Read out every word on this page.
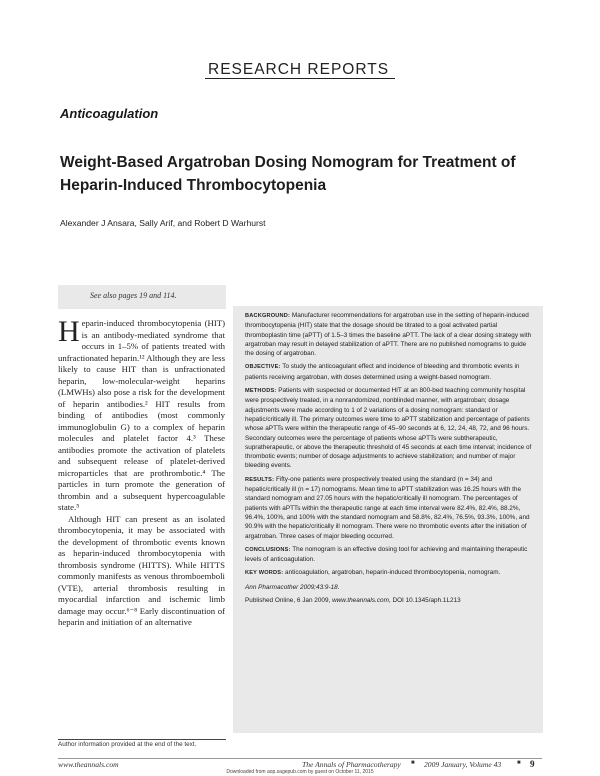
RESEARCH REPORTS
Anticoagulation
Weight-Based Argatroban Dosing Nomogram for Treatment of Heparin-Induced Thrombocytopenia
Alexander J Ansara, Sally Arif, and Robert D Warhurst
See also pages 19 and 114.

Heparin-induced thrombocytopenia (HIT) is an antibody-mediated syndrome that occurs in 1–5% of patients treated with unfractionated heparin.¹² Although they are less likely to cause HIT than is unfractionated heparin, low-molecular-weight heparins (LMWHs) also pose a risk for the development of heparin antibodies.² HIT results from binding of antibodies (most commonly immunoglobulin G) to a complex of heparin molecules and platelet factor 4.³ These antibodies promote the activation of platelets and subsequent release of platelet-derived microparticles that are prothrombotic.⁴ The particles in turn promote the generation of thrombin and a subsequent hypercoagulable state.⁵

Although HIT can present as an isolated thrombocytopenia, it may be associated with the development of thrombotic events known as heparin-induced thrombocytopenia with thrombosis syndrome (HITTS). While HITTS commonly manifests as venous thromboemboli (VTE), arterial thrombosis resulting in myocardial infarction and ischemic limb damage may occur.⁶⁻⁸ Early discontinuation of heparin and initiation of an alternative

BACKGROUND: Manufacturer recommendations for argatroban use in the setting of heparin-induced thrombocytopenia (HIT) state that the dosage should be titrated to a goal activated partial thromboplastin time (aPTT) of 1.5–3 times the baseline aPTT. The lack of a clear dosing strategy with argatroban may result in delayed stabilization of aPTT. There are no published nomograms to guide the dosing of argatroban.

OBJECTIVE: To study the anticoagulant effect and incidence of bleeding and thrombotic events in patients receiving argatroban, with doses determined using a weight-based nomogram.

METHODS: Patients with suspected or documented HIT at an 800-bed teaching community hospital were prospectively treated, in a nonrandomized, nonblinded manner, with argatroban; dosage adjustments were made according to 1 of 2 variations of a dosing nomogram: standard or hepatic/critically ill. The primary outcomes were time to aPTT stabilization and percentage of patients whose aPTTs were within the therapeutic range of 45–90 seconds at 6, 12, 24, 48, 72, and 96 hours. Secondary outcomes were the percentage of patients whose aPTTs were subtherapeutic, supratherapeutic, or above the therapeutic threshold of 45 seconds at each time interval; incidence of thrombotic events; number of dosage adjustments to achieve stabilization; and number of major bleeding events.

RESULTS: Fifty-one patients were prospectively treated using the standard (n = 34) and hepatic/critically ill (n = 17) nomograms. Mean time to aPTT stabilization was 16.25 hours with the standard nomogram and 27.05 hours with the hepatic/critically ill nomogram. The percentages of patients with aPTTs within the therapeutic range at each time interval were 82.4%, 82.4%, 88.2%, 96.4%, 100%, and 100% with the standard nomogram and 58.8%, 82.4%, 76.5%, 93.3%, 100%, and 90.9% with the hepatic/critically ill nomogram. There were no thrombotic events after the initiation of argatroban. Three cases of major bleeding occurred.

CONCLUSIONS: The nomogram is an effective dosing tool for achieving and maintaining therapeutic levels of anticoagulation.

KEY WORDS: anticoagulation, argatroban, heparin-induced thrombocytopenia, nomogram.

Ann Pharmacother 2009;43:9-18.

Published Online, 6 Jan 2009, www.theannals.com, DOI 10.1345/aph.1L213

Author information provided at the end of the text.
www.theannals.com	The Annals of Pharmacotherapy ■ 2009 January, Volume 43	■ 9
Downloaded from aop.sagepub.com by guest on October 11, 2015
